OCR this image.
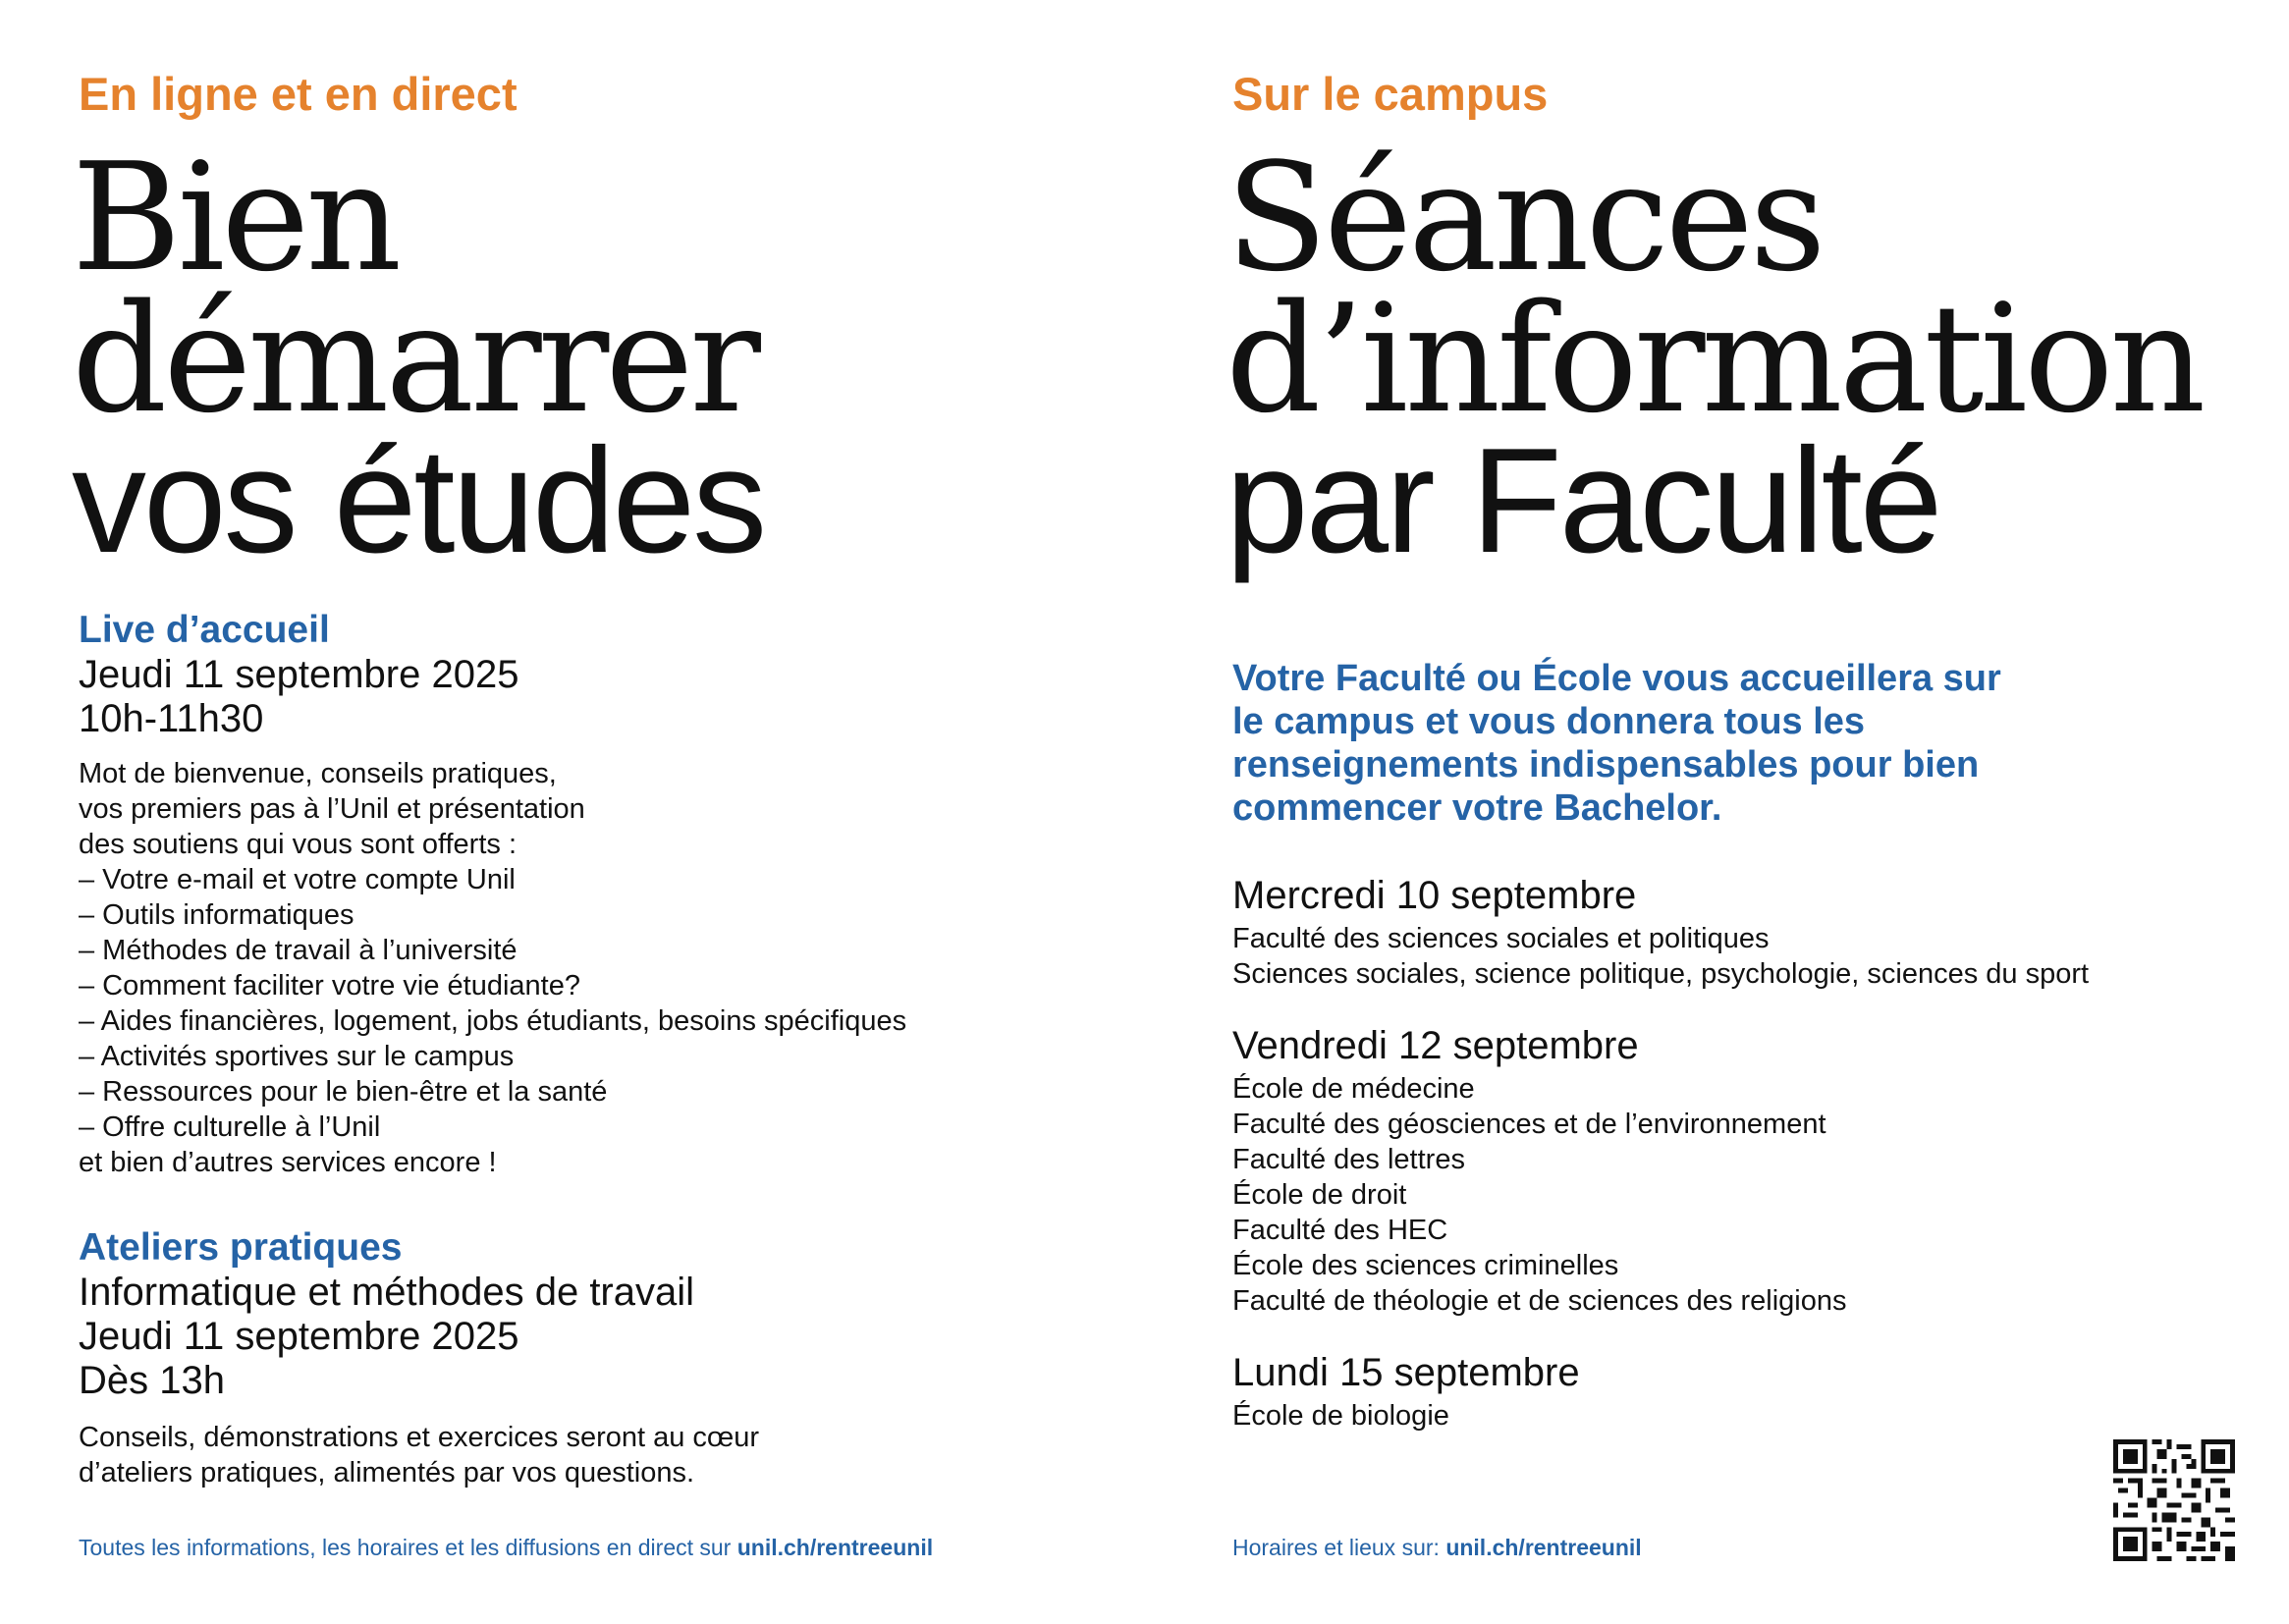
En ligne et en direct
Bien
démarrer
vos études
Live d’accueil
Jeudi 11 septembre 2025
10h-11h30

Mot de bienvenue, conseils pratiques,

vos premiers pas à l’Unil et présentation

des soutiens qui vous sont offerts :

– Votre e-mail et votre compte Unil

– Outils informatiques

– Méthodes de travail à l’université

– Comment faciliter votre vie étudiante?

– Aides financières, logement, jobs étudiants, besoins spécifiques

– Activités sportives sur le campus

– Ressources pour le bien-être et la santé

– Offre culturelle à l’Unil

et bien d’autres services encore !

Ateliers pratiques
Informatique et méthodes de travail
Jeudi 11 septembre 2025
Dès 13h

Conseils, démonstrations et exercices seront au cœur

d’ateliers pratiques, alimentés par vos questions.

Toutes les informations, les horaires et les diffusions en direct sur unil.ch/rentreeunil
Sur le campus
Séances
d’information
par Faculté
Votre Faculté ou École vous accueillera sur
le campus et vous donnera tous les
renseignements indispensables pour bien
commencer votre Bachelor.
Mercredi 10 septembre

Faculté des sciences sociales et politiques

Sciences sociales, science politique, psychologie, sciences du sport

Vendredi 12 septembre

École de médecine

Faculté des géosciences et de l’environnement

Faculté des lettres

École de droit

Faculté des HEC

École des sciences criminelles

Faculté de théologie et de sciences des religions

Lundi 15 septembre

École de biologie

Horaires et lieux sur: unil.ch/rentreeunil
